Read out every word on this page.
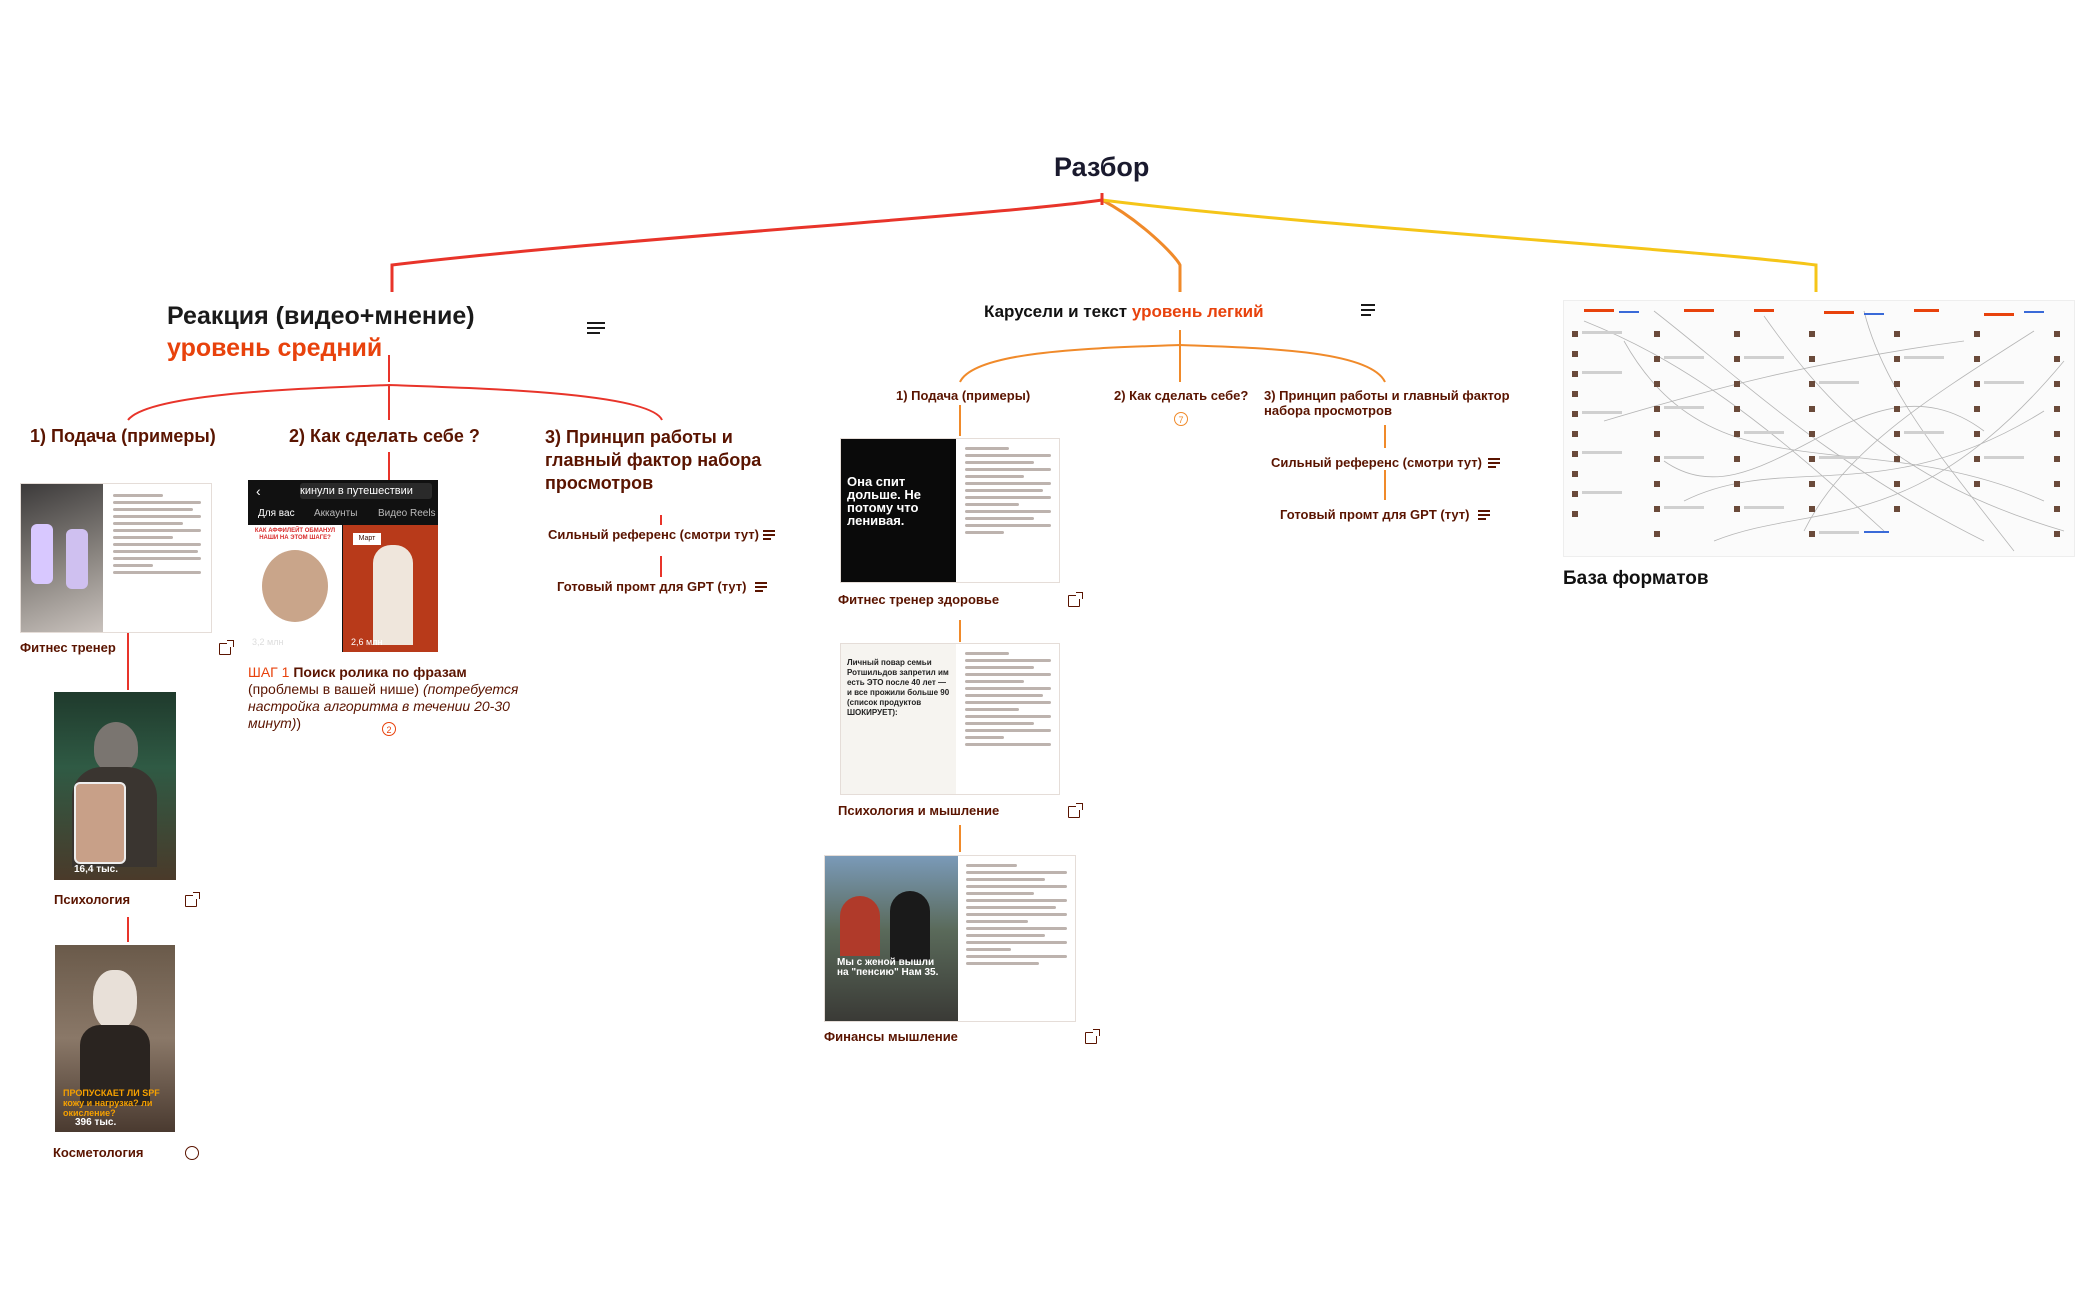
Разбор
Реакция (видео+мнение)
уровень средний
1) Подача (примеры)	2) Как сделать себе ?	3) Принцип работы и главный фактор набора просмотров
Фитнес тренер
16,4 тыс.
Психология
ПРОПУСКАЕТ ЛИ SPF кожу и нагрузка? ли окисление?
396 тыс.
Косметология
‹	кинули в путешествии
Для вас Аккаунты Видео Reels
КАК АФФИЛЕЙТ ОБМАНУЛ НАШИ НА ЭТОМ ШАГЕ?
3,2 млн
Март
2,6 млн
ШАГ 1 Поиск ролика по фразам (проблемы в вашей нише) (потребуется настройка алгоритма в течении 20-30 минут))	2
Сильный референс (смотри тут)
Готовый промт для GPT (тут)
Карусели и текст уровень легкий
1) Подача (примеры)	2) Как сделать себе?
7
3) Принцип работы и главный фактор набора просмотров
Она спит дольше. Не потому что ленивая.
Фитнес тренер здоровье
Личный повар семьи Ротшильдов запретил им есть ЭТО после 40 лет — и все прожили больше 90 (список продуктов ШОКИРУЕТ):
Психология и мышление
Мы с женой вышли на "пенсию" Нам 35.
Финансы мышление
Сильный референс (смотри тут)
Готовый промт для GPT (тут)
База форматов
